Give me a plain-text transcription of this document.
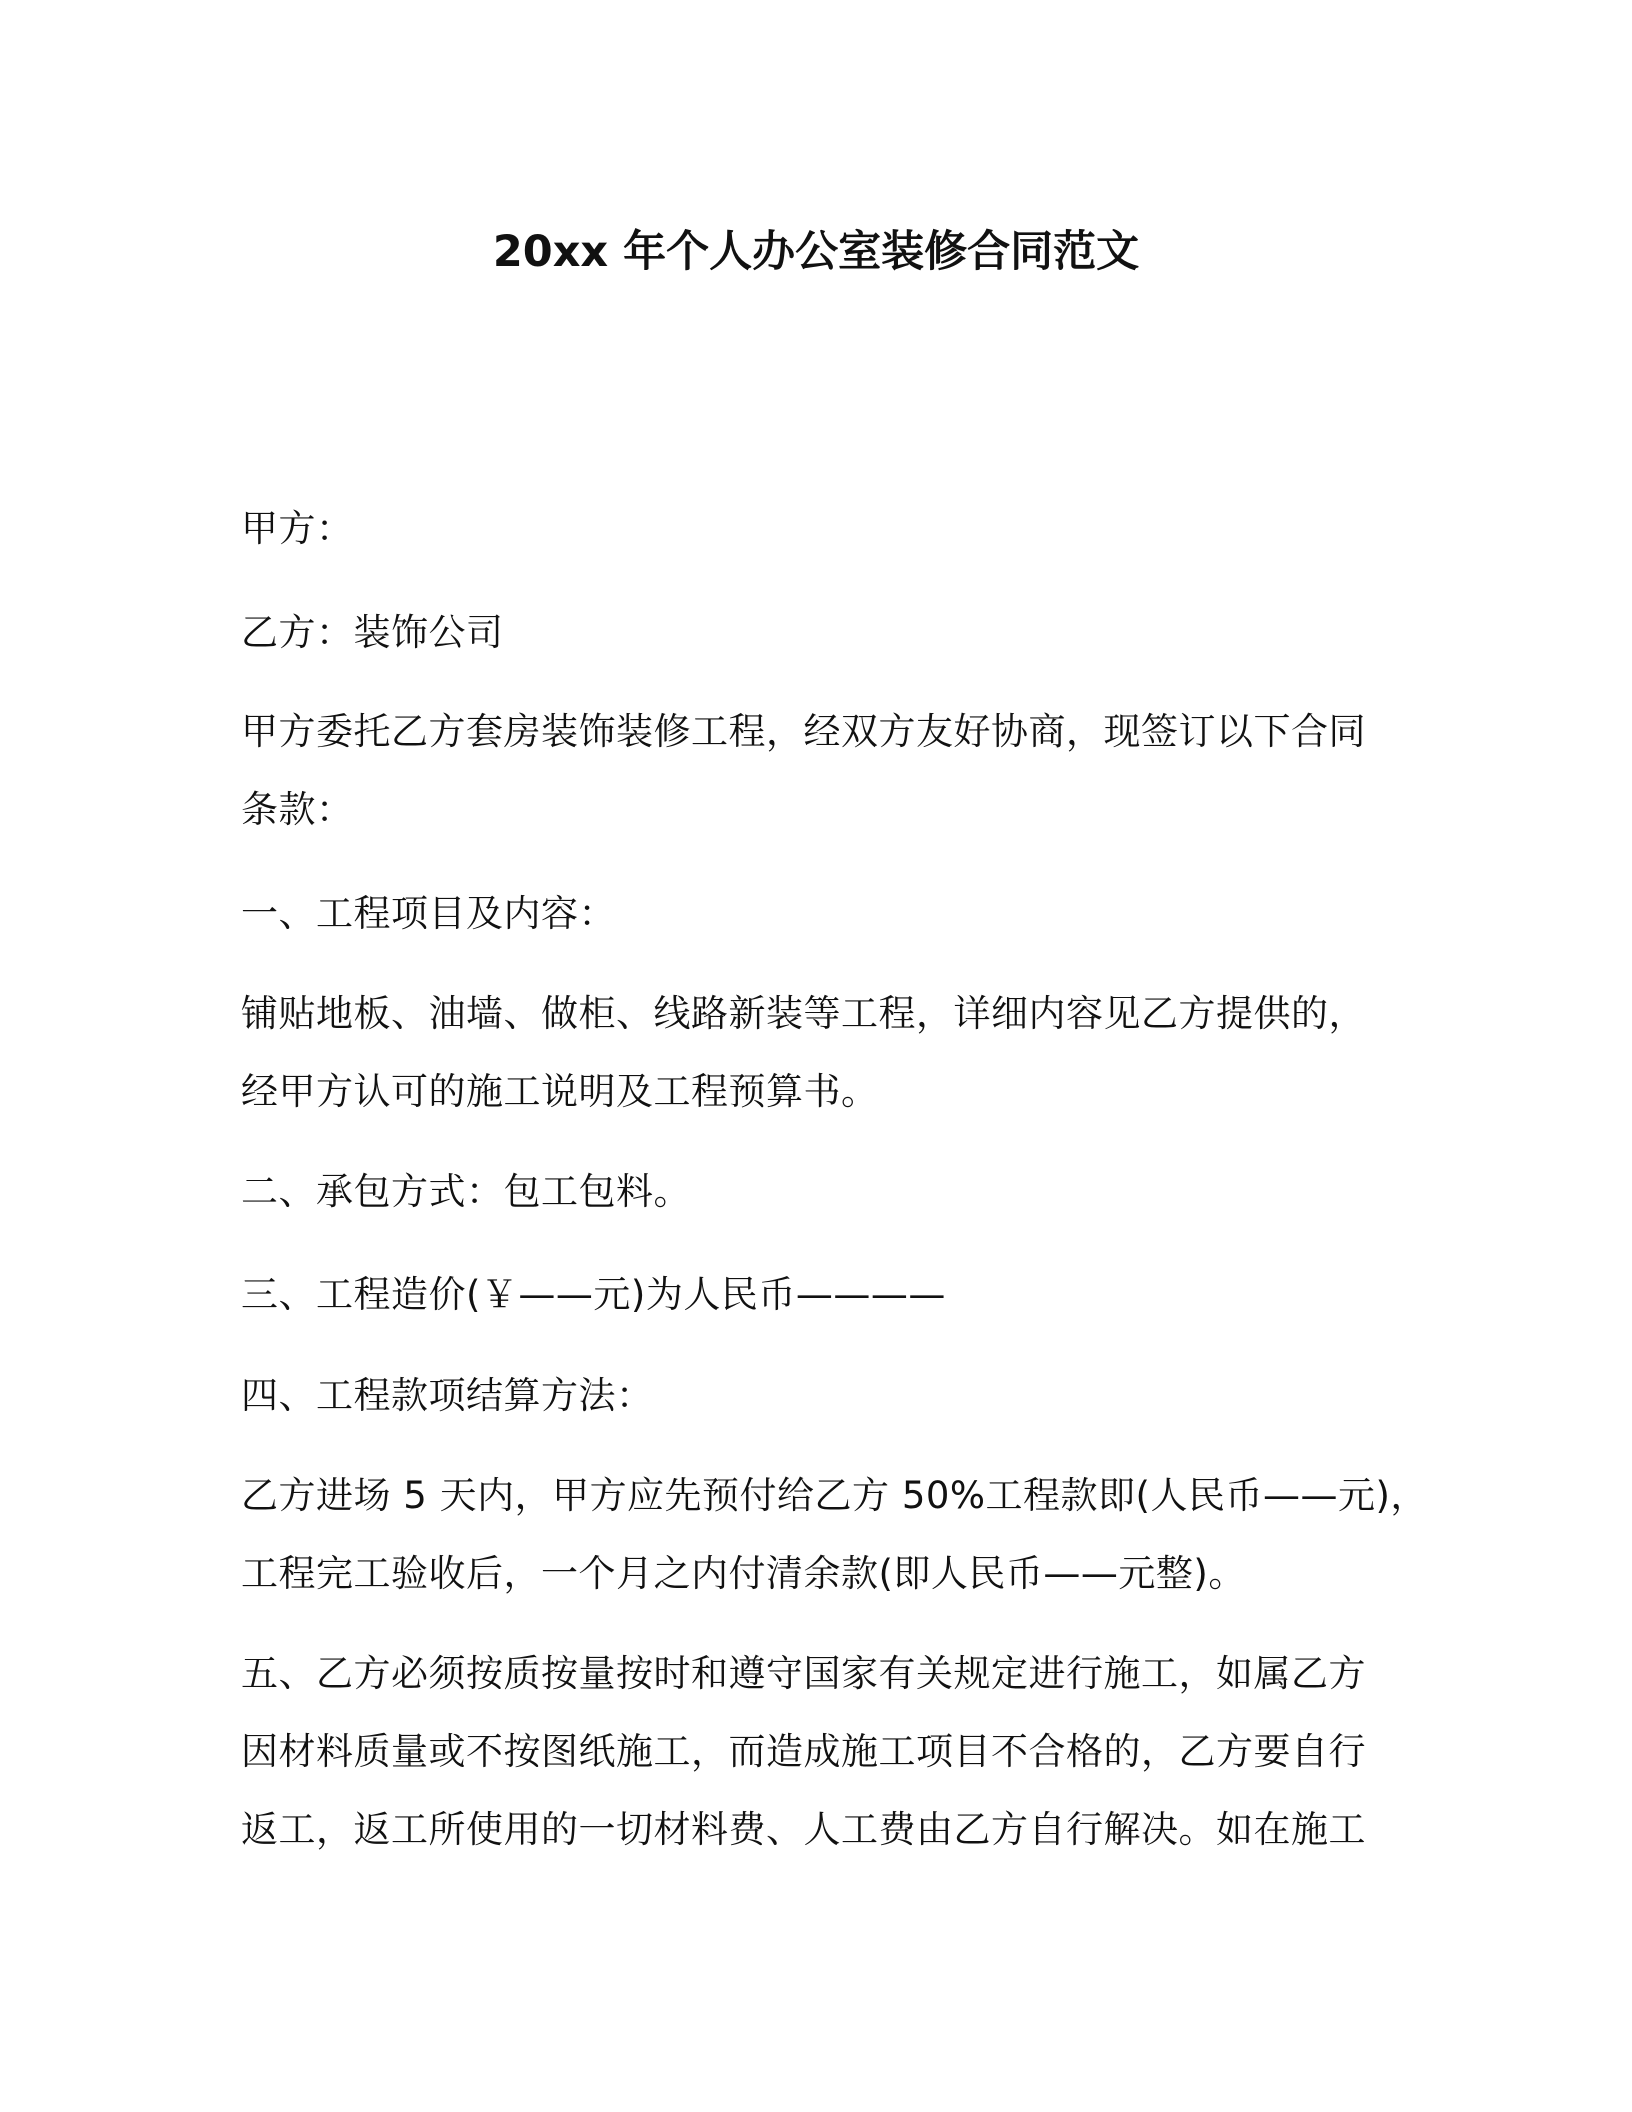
20xx 年个人办公室装修合同范文
甲方：
乙方：装饰公司
甲方委托乙方套房装饰装修工程，经双方友好协商，现签订以下合同
条款：
一、工程项目及内容：
铺贴地板、油墙、做柜、线路新装等工程，详细内容见乙方提供的，
经甲方认可的施工说明及工程预算书。
二、承包方式：包工包料。
三、工程造价(￥——元)为人民币————
四、工程款项结算方法：
乙方进场 5 天内，甲方应先预付给乙方 50%工程款即(人民币——元)，
工程完工验收后，一个月之内付清余款(即人民币——元整)。
五、乙方必须按质按量按时和遵守国家有关规定进行施工，如属乙方
因材料质量或不按图纸施工，而造成施工项目不合格的，乙方要自行
返工，返工所使用的一切材料费、人工费由乙方自行解决。如在施工
